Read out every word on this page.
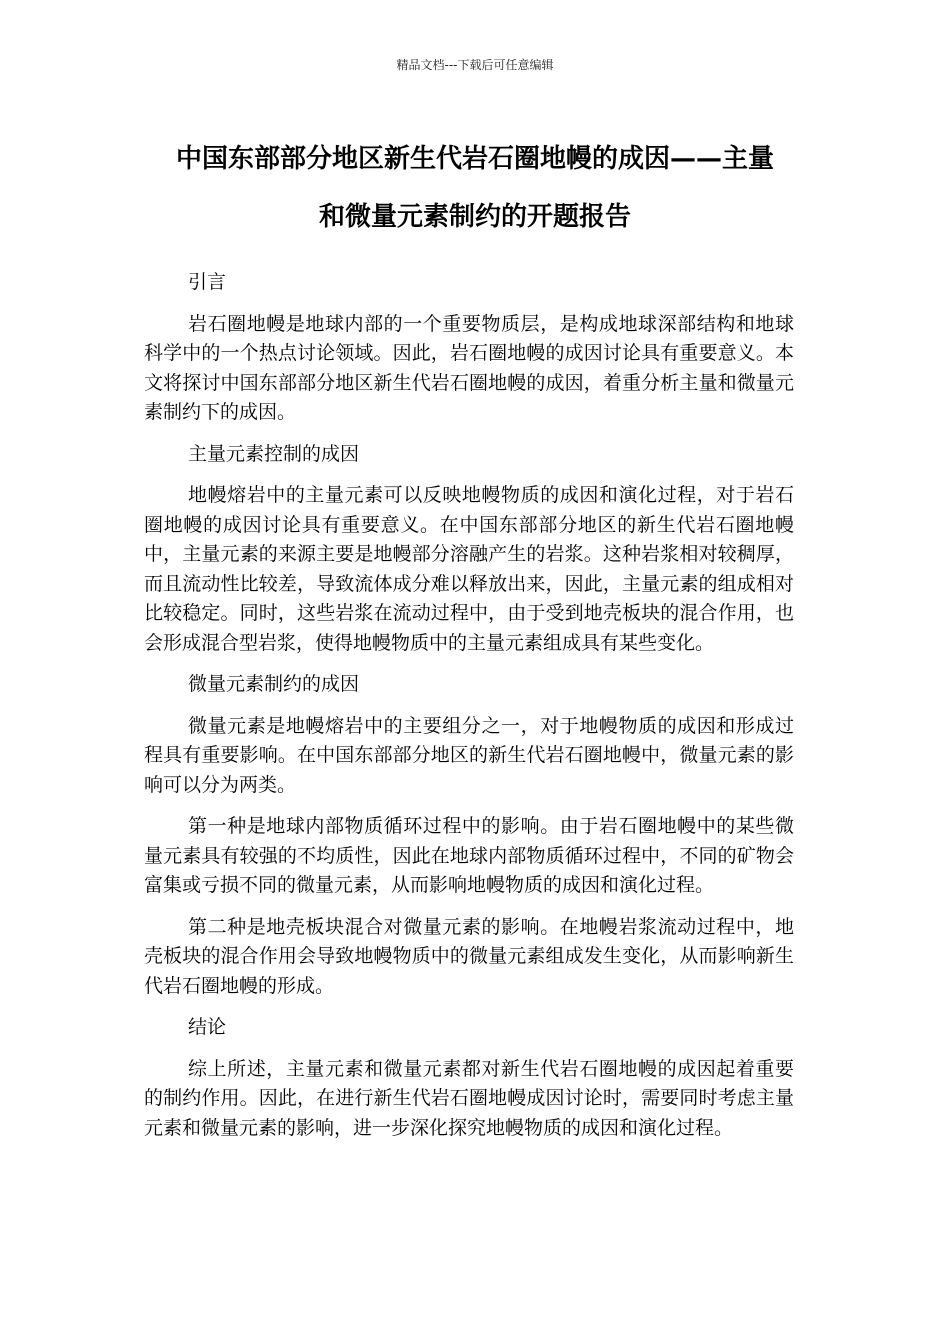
精品文档---下载后可任意编辑
中国东部部分地区新生代岩石圈地幔的成因——主量
和微量元素制约的开题报告

引言

岩石圈地幔是地球内部的一个重要物质层，是构成地球深部结构和地球科学中的一个热点讨论领域。因此，岩石圈地幔的成因讨论具有重要意义。本文将探讨中国东部部分地区新生代岩石圈地幔的成因，着重分析主量和微量元素制约下的成因。

主量元素控制的成因

地幔熔岩中的主量元素可以反映地幔物质的成因和演化过程，对于岩石圈地幔的成因讨论具有重要意义。在中国东部部分地区的新生代岩石圈地幔中，主量元素的来源主要是地幔部分溶融产生的岩浆。这种岩浆相对较稠厚，而且流动性比较差，导致流体成分难以释放出来，因此，主量元素的组成相对比较稳定。同时，这些岩浆在流动过程中，由于受到地壳板块的混合作用，也会形成混合型岩浆，使得地幔物质中的主量元素组成具有某些变化。

微量元素制约的成因

微量元素是地幔熔岩中的主要组分之一，对于地幔物质的成因和形成过程具有重要影响。在中国东部部分地区的新生代岩石圈地幔中，微量元素的影响可以分为两类。

第一种是地球内部物质循环过程中的影响。由于岩石圈地幔中的某些微量元素具有较强的不均质性，因此在地球内部物质循环过程中，不同的矿物会富集或亏损不同的微量元素，从而影响地幔物质的成因和演化过程。

第二种是地壳板块混合对微量元素的影响。在地幔岩浆流动过程中，地壳板块的混合作用会导致地幔物质中的微量元素组成发生变化，从而影响新生代岩石圈地幔的形成。

结论

综上所述，主量元素和微量元素都对新生代岩石圈地幔的成因起着重要的制约作用。因此，在进行新生代岩石圈地幔成因讨论时，需要同时考虑主量元素和微量元素的影响，进一步深化探究地幔物质的成因和演化过程。
